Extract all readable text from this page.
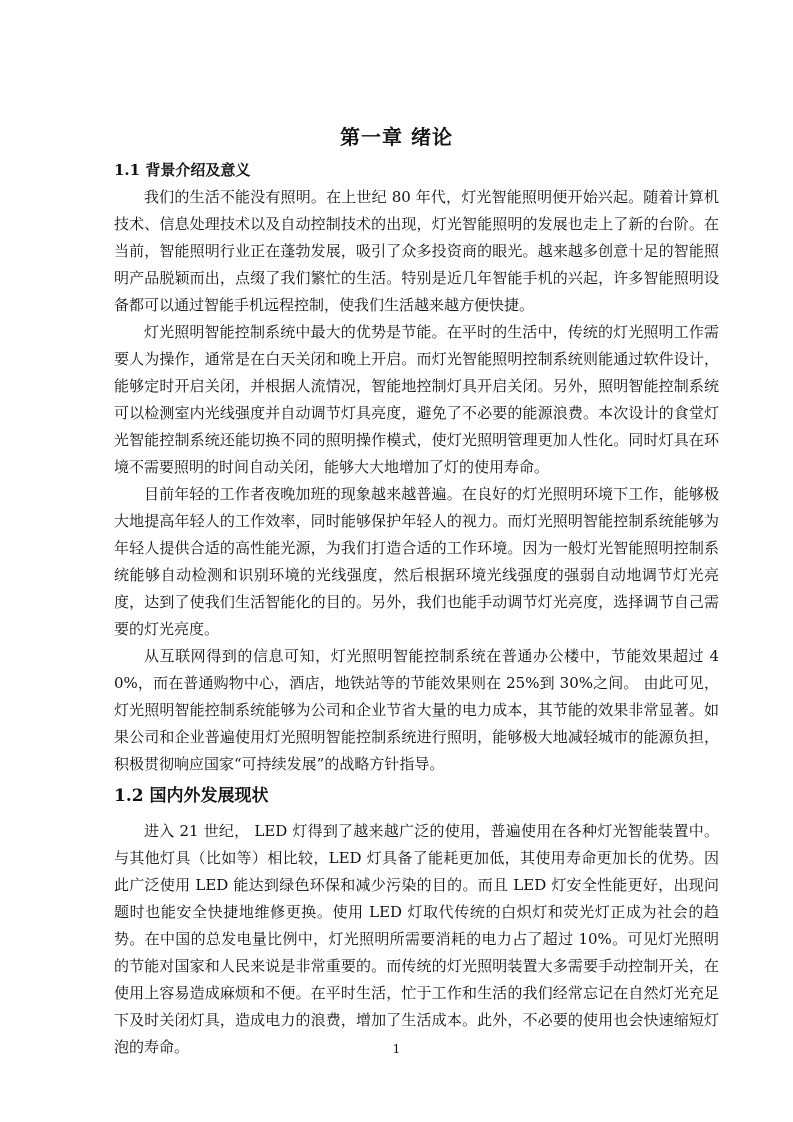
第一章 绪论
1.1 背景介绍及意义

我们的生活不能没有照明。在上世纪 80 年代，灯光智能照明便开始兴起。随着计算机技术、信息处理技术以及自动控制技术的出现，灯光智能照明的发展也走上了新的台阶。在当前，智能照明行业正在蓬勃发展，吸引了众多投资商的眼光。越来越多创意十足的智能照明产品脱颖而出，点缀了我们繁忙的生活。特别是近几年智能手机的兴起，许多智能照明设备都可以通过智能手机远程控制，使我们生活越来越方便快捷。

灯光照明智能控制系统中最大的优势是节能。在平时的生活中，传统的灯光照明工作需要人为操作，通常是在白天关闭和晚上开启。而灯光智能照明控制系统则能通过软件设计，能够定时开启关闭，并根据人流情况，智能地控制灯具开启关闭。另外，照明智能控制系统可以检测室内光线强度并自动调节灯具亮度，避免了不必要的能源浪费。本次设计的食堂灯光智能控制系统还能切换不同的照明操作模式，使灯光照明管理更加人性化。同时灯具在环境不需要照明的时间自动关闭，能够大大地增加了灯的使用寿命。

目前年轻的工作者夜晚加班的现象越来越普遍。在良好的灯光照明环境下工作，能够极大地提高年轻人的工作效率，同时能够保护年轻人的视力。而灯光照明智能控制系统能够为年轻人提供合适的高性能光源，为我们打造合适的工作环境。因为一般灯光智能照明控制系统能够自动检测和识别环境的光线强度，然后根据环境光线强度的强弱自动地调节灯光亮度，达到了使我们生活智能化的目的。另外，我们也能手动调节灯光亮度，选择调节自己需要的灯光亮度。

从互联网得到的信息可知，灯光照明智能控制系统在普通办公楼中，节能效果超过 40%，而在普通购物中心，酒店，地铁站等的节能效果则在 25%到 30%之间。 由此可见，灯光照明智能控制系统能够为公司和企业节省大量的电力成本，其节能的效果非常显著。如果公司和企业普遍使用灯光照明智能控制系统进行照明，能够极大地减轻城市的能源负担，积极贯彻响应国家“可持续发展”的战略方针指导。

1.2 国内外发展现状

进入 21 世纪， LED 灯得到了越来越广泛的使用，普遍使用在各种灯光智能装置中。与其他灯具（比如等）相比较，LED 灯具备了能耗更加低，其使用寿命更加长的优势。因此广泛使用 LED 能达到绿色环保和减少污染的目的。而且 LED 灯安全性能更好，出现问题时也能安全快捷地维修更换。使用 LED 灯取代传统的白炽灯和荧光灯正成为社会的趋势。在中国的总发电量比例中，灯光照明所需要消耗的电力占了超过 10%。可见灯光照明的节能对国家和人民来说是非常重要的。而传统的灯光照明装置大多需要手动控制开关，在使用上容易造成麻烦和不便。在平时生活，忙于工作和生活的我们经常忘记在自然灯光充足下及时关闭灯具，造成电力的浪费，增加了生活成本。此外，不必要的使用也会快速缩短灯泡的寿命。	1
